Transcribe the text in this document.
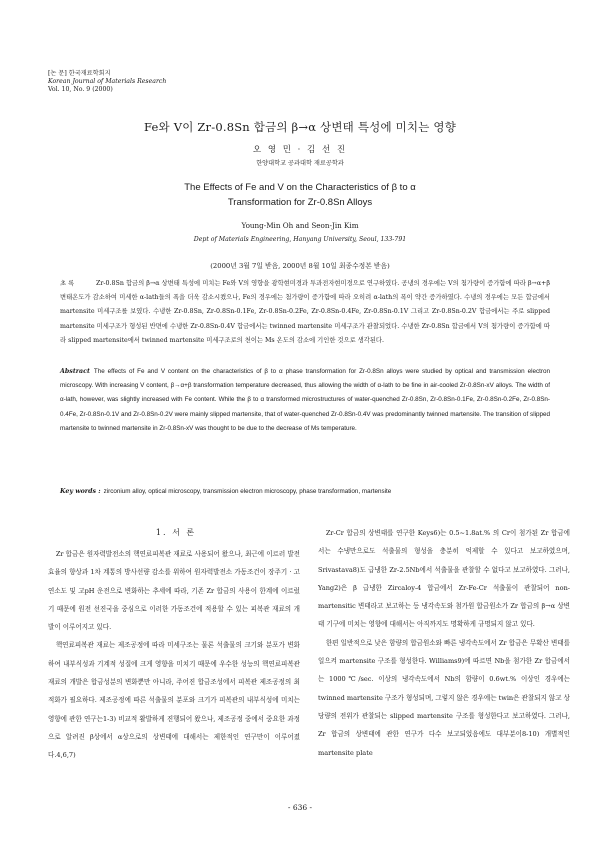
[논 문] 한국재료학회지
Korean Journal of Materials Research
Vol. 10, No. 9 (2000)
Fe와 V이 Zr-0.8Sn 합금의 β→α 상변태 특성에 미치는 영향
오 영 민 · 김 선 진
한양대학교 공과대학 재료공학과
The Effects of Fe and V on the Characteristics of β to α
Transformation for Zr-0.8Sn Alloys
Young-Min Oh and Seon-Jin Kim
Dept of Materials Engineering, Hanyang University, Seoul, 133-791
(2000년 3월 7일 받음, 2000년 8월 10일 최종수정본 받음)

초 록	Zr-0.8Sn 합금의 β→α 상변태 특성에 미치는 Fe와 V의 영향을 광학현미경과 투과전자현미경으로 연구하였다. 공냉의 경우에는 V의 첨가량이 증가함에 따라 β→α+β 변태온도가 감소하여 미세한 α-lath들의 폭을 더욱 감소시켰으나, Fe의 경우에는 첨가량이 증가함에 따라 오히려 α-lath의 폭이 약간 증가하였다. 수냉의 경우에는 모든 합금에서 martensite 미세구조를 보였다. 수냉한 Zr-0.8Sn, Zr-0.8Sn-0.1Fe, Zr-0.8Sn-0.2Fe, Zr-0.8Sn-0.4Fe, Zr-0.8Sn-0.1V 그리고 Zr-0.8Sn-0.2V 합금에서는 주로 slipped martensite 미세구조가 형성된 반면에 수냉한 Zr-0.8Sn-0.4V 합금에서는 twinned martensite 미세구조가 관찰되었다. 수냉한 Zr-0.8Sn 합금에서 V의 첨가량이 증가함에 따라 slipped martensite에서 twinned martensite 미세구조로의 천이는 Ms 온도의 감소에 기인한 것으로 생각된다.

Abstract The effects of Fe and V content on the characteristics of β to α phase transformation for Zr-0.8Sn alloys were studied by optical and transmission electron microscopy. With increasing V content, β→α+β transformation temperature decreased, thus allowing the width of α-lath to be fine in air-cooled Zr-0.8Sn-xV alloys. The width of α-lath, however, was slightly increased with Fe content. While the β to α transformed microstructures of water-quenched Zr-0.8Sn, Zr-0.8Sn-0.1Fe, Zr-0.8Sn-0.2Fe, Zr-0.8Sn-0.4Fe, Zr-0.8Sn-0.1V and Zr-0.8Sn-0.2V were mainly slipped martensite, that of water-quenched Zr-0.8Sn-0.4V was predominantly twinned martensite. The transition of slipped martensite to twinned martensite in Zr-0.8Sn-xV was thought to be due to the decrease of Ms temperature.

Key words : zirconium alloy, optical microscopy, transmission electron microscopy, phase transformation, martensite
1. 서 론

Zr 합금은 원자력발전소의 핵연료피복관 재료로 사용되어 왔으나, 최근에 이르러 발전효율의 향상과 1차 계통의 방사선량 감소를 위하여 원자력발전소 가동조건이 장주기 · 고연소도 및 고pH 운전으로 변화하는 추세에 따라, 기존 Zr 합금의 사용이 한계에 이르렀기 때문에 원전 선진국을 중심으로 이러한 가동조건에 적용할 수 있는 피복관 재료의 개발이 이루어지고 있다.

핵연료피복관 재료는 제조공정에 따라 미세구조는 물론 석출물의 크기와 분포가 변화하여 내부식성과 기계적 성질에 크게 영향을 미치기 때문에 우수한 성능의 핵연료피복관 재료의 개발은 합금성분의 변화뿐만 아니라, 주어진 합금조성에서 피복관 제조공정의 최적화가 필요하다. 제조공정에 따른 석출물의 분포와 크기가 피복관의 내부식성에 미치는 영향에 관한 연구는1-3) 비교적 활발하게 진행되어 왔으나, 제조공정 중에서 중요한 과정으로 알려진 β상에서 α상으로의 상변태에 대해서는 제한적인 연구만이 이루어졌다.4,6,7)

Zr-Cr 합금의 상변태를 연구한 Keys6)는 0.5~1.8at.% 의 Cr이 첨가된 Zr 합금에서는 수냉만으로도 석출물의 형성을 충분히 억제할 수 있다고 보고하였으며, Srivastava8)도 급냉한 Zr-2.5Nb에서 석출물을 관찰할 수 없다고 보고하였다. 그러나, Yang2)은 β 급냉한 Zircaloy-4 합금에서 Zr-Fe-Cr 석출물이 관찰되어 non-martensitic 변태라고 보고하는 등 냉각속도와 첨가원 합금원소가 Zr 합금의 β→α 상변태 기구에 미치는 영향에 대해서는 아직까지도 명확하게 규명되지 않고 있다.

한편 일반적으로 낮은 함량의 합금원소와 빠른 냉각속도에서 Zr 합금은 무확산 변태를 일으켜 martensite 구조를 형성한다. Williams9)에 따르면 Nb을 첨가한 Zr 합금에서는 1000℃/sec. 이상의 냉각속도에서 Nb의 함량이 0.6wt.% 이상인 경우에는 twinned martensite 구조가 형성되며, 그렇지 않은 경우에는 twin은 관찰되지 않고 상당량의 전위가 관찰되는 slipped martensite 구조를 형성한다고 보고하였다. 그러나, Zr 합금의 상변태에 관한 연구가 다수 보고되었음에도 대부분이8-10) 개별적인 martensite plate

- 636 -
